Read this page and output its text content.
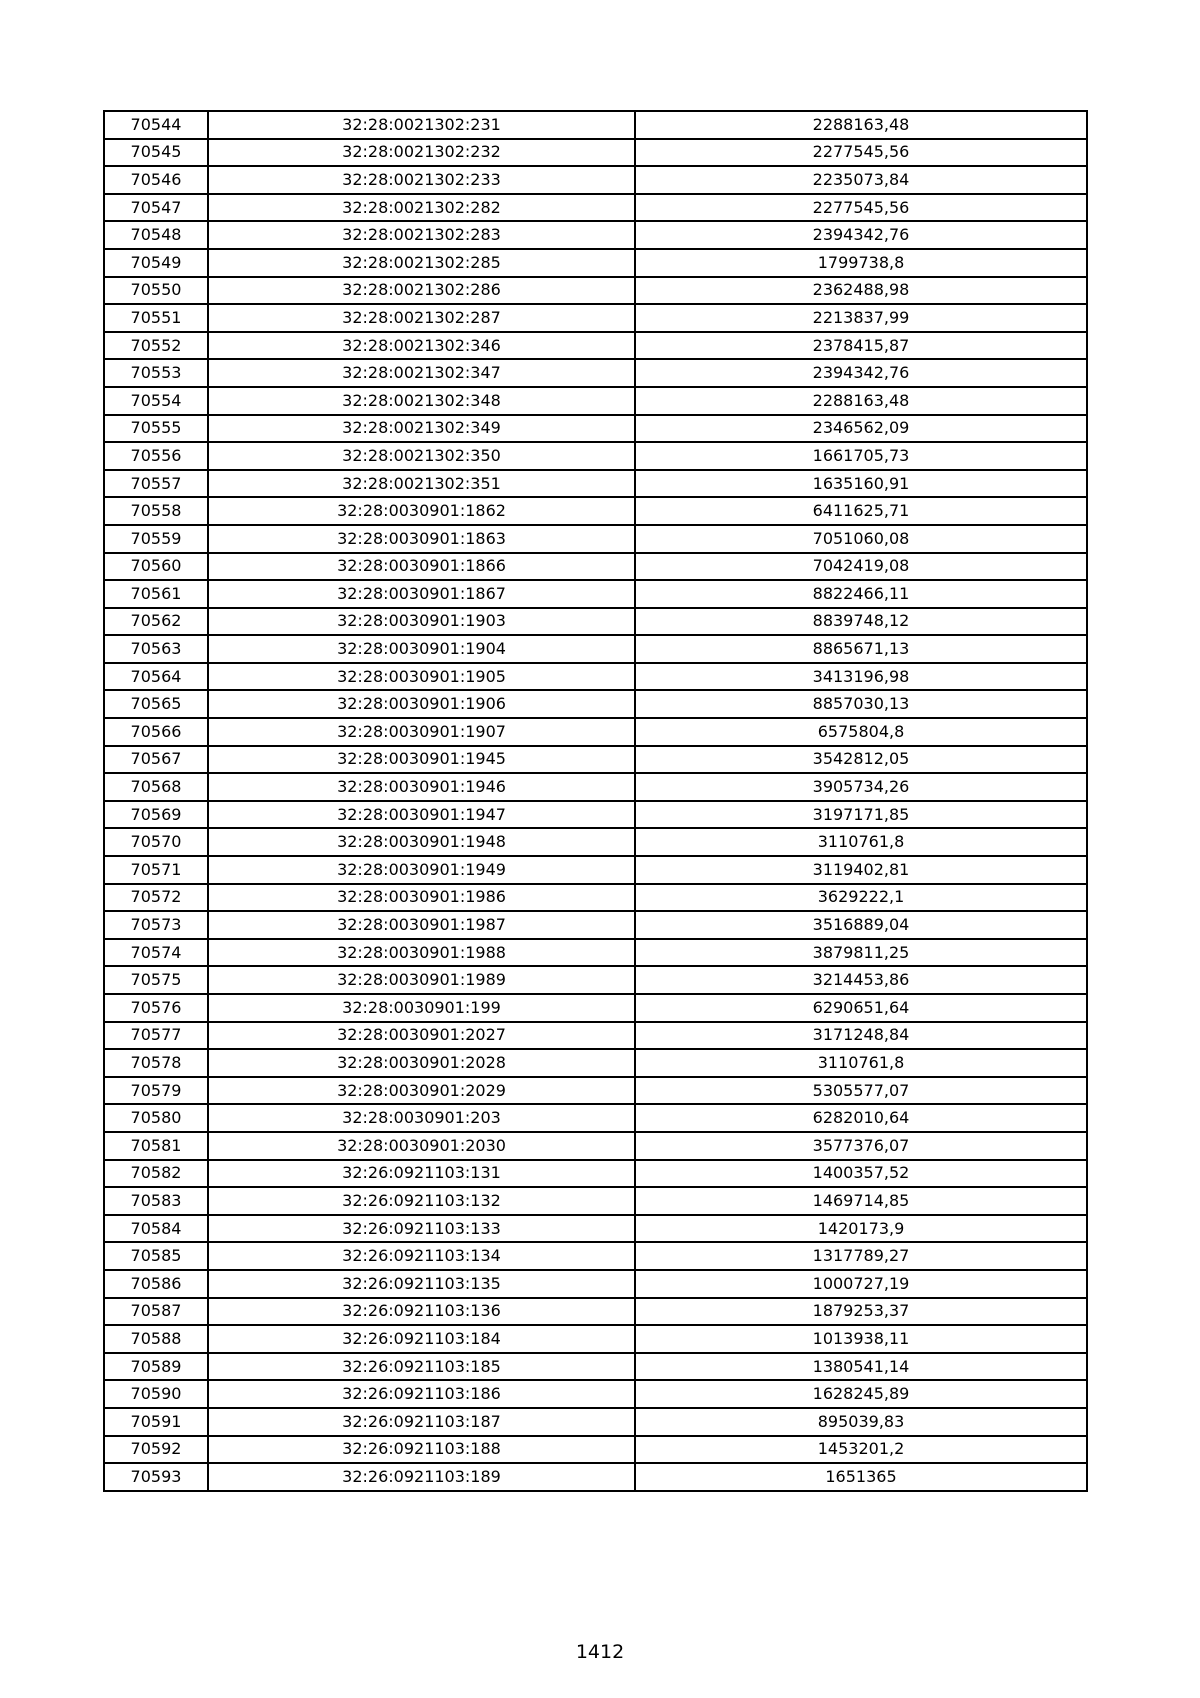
70544	32:28:0021302:231	2288163,48
70545	32:28:0021302:232	2277545,56
70546	32:28:0021302:233	2235073,84
70547	32:28:0021302:282	2277545,56
70548	32:28:0021302:283	2394342,76
70549	32:28:0021302:285	1799738,8
70550	32:28:0021302:286	2362488,98
70551	32:28:0021302:287	2213837,99
70552	32:28:0021302:346	2378415,87
70553	32:28:0021302:347	2394342,76
70554	32:28:0021302:348	2288163,48
70555	32:28:0021302:349	2346562,09
70556	32:28:0021302:350	1661705,73
70557	32:28:0021302:351	1635160,91
70558	32:28:0030901:1862	6411625,71
70559	32:28:0030901:1863	7051060,08
70560	32:28:0030901:1866	7042419,08
70561	32:28:0030901:1867	8822466,11
70562	32:28:0030901:1903	8839748,12
70563	32:28:0030901:1904	8865671,13
70564	32:28:0030901:1905	3413196,98
70565	32:28:0030901:1906	8857030,13
70566	32:28:0030901:1907	6575804,8
70567	32:28:0030901:1945	3542812,05
70568	32:28:0030901:1946	3905734,26
70569	32:28:0030901:1947	3197171,85
70570	32:28:0030901:1948	3110761,8
70571	32:28:0030901:1949	3119402,81
70572	32:28:0030901:1986	3629222,1
70573	32:28:0030901:1987	3516889,04
70574	32:28:0030901:1988	3879811,25
70575	32:28:0030901:1989	3214453,86
70576	32:28:0030901:199	6290651,64
70577	32:28:0030901:2027	3171248,84
70578	32:28:0030901:2028	3110761,8
70579	32:28:0030901:2029	5305577,07
70580	32:28:0030901:203	6282010,64
70581	32:28:0030901:2030	3577376,07
70582	32:26:0921103:131	1400357,52
70583	32:26:0921103:132	1469714,85
70584	32:26:0921103:133	1420173,9
70585	32:26:0921103:134	1317789,27
70586	32:26:0921103:135	1000727,19
70587	32:26:0921103:136	1879253,37
70588	32:26:0921103:184	1013938,11
70589	32:26:0921103:185	1380541,14
70590	32:26:0921103:186	1628245,89
70591	32:26:0921103:187	895039,83
70592	32:26:0921103:188	1453201,2
70593	32:26:0921103:189	1651365
1412
